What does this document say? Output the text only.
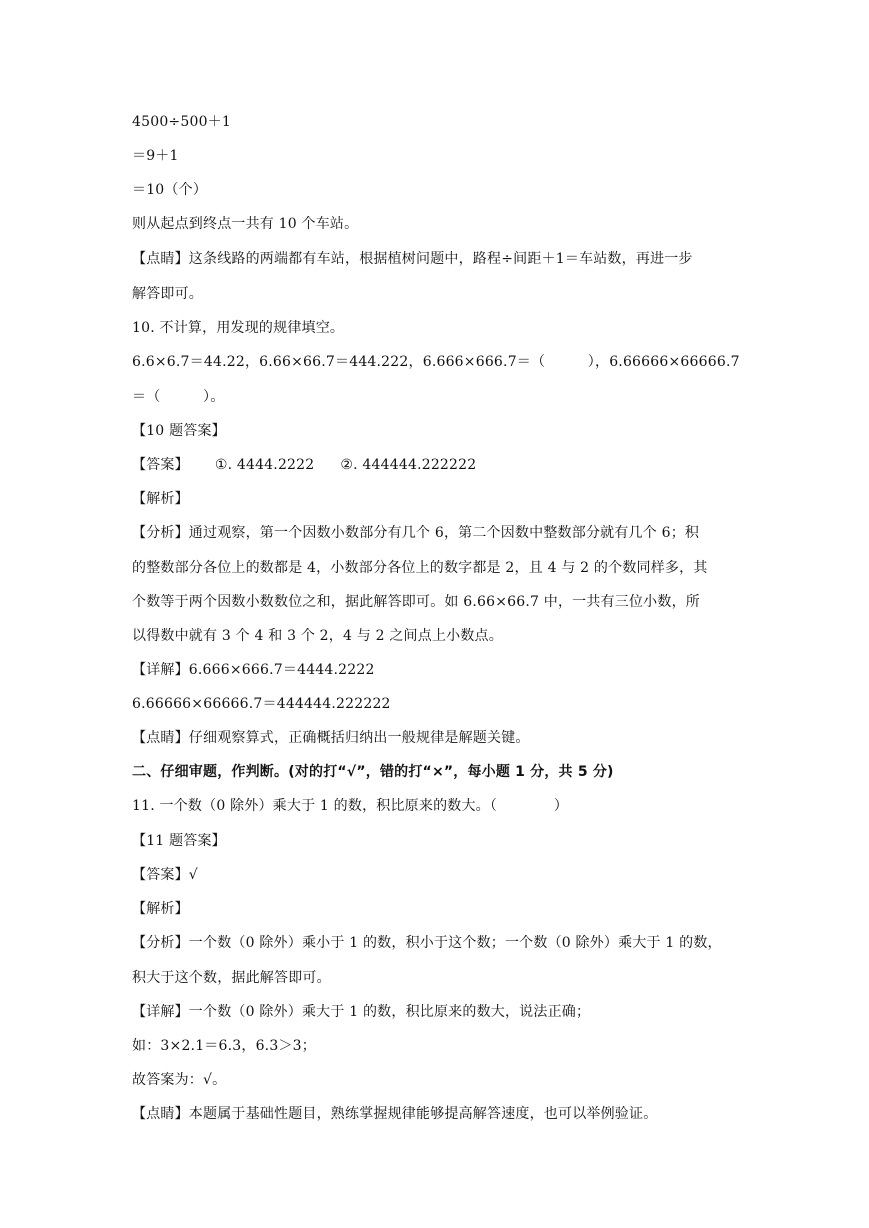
4500÷500＋1
＝9＋1
＝10（个）
则从起点到终点一共有 10 个车站。
【点睛】这条线路的两端都有车站，根据植树问题中，路程÷间距＋1＝车站数，再进一步
解答即可。
10. 不计算，用发现的规律填空。
6.6×6.7＝44.22，6.66×66.7＝444.222，6.666×666.7＝（　　　），6.66666×66666.7
＝（　　　）。
【10 题答案】
【答案】 ①. 4444.2222 ②. 444444.222222
【解析】
【分析】通过观察，第一个因数小数部分有几个 6，第二个因数中整数部分就有几个 6；积
的整数部分各位上的数都是 4，小数部分各位上的数字都是 2，且 4 与 2 的个数同样多，其
个数等于两个因数小数数位之和，据此解答即可。如 6.66×66.7 中，一共有三位小数，所
以得数中就有 3 个 4 和 3 个 2，4 与 2 之间点上小数点。
【详解】6.666×666.7＝4444.2222
6.66666×66666.7＝444444.222222
【点睛】仔细观察算式，正确概括归纳出一般规律是解题关键。
二、仔细审题，作判断。(对的打“√”，错的打“×”，每小题 1 分，共 5 分)
11. 一个数（0 除外）乘大于 1 的数，积比原来的数大。（　　　　）
【11 题答案】
【答案】√
【解析】
【分析】一个数（0 除外）乘小于 1 的数，积小于这个数；一个数（0 除外）乘大于 1 的数，
积大于这个数，据此解答即可。
【详解】一个数（0 除外）乘大于 1 的数，积比原来的数大，说法正确；
如：3×2.1＝6.3，6.3＞3；
故答案为：√。
【点睛】本题属于基础性题目，熟练掌握规律能够提高解答速度，也可以举例验证。
